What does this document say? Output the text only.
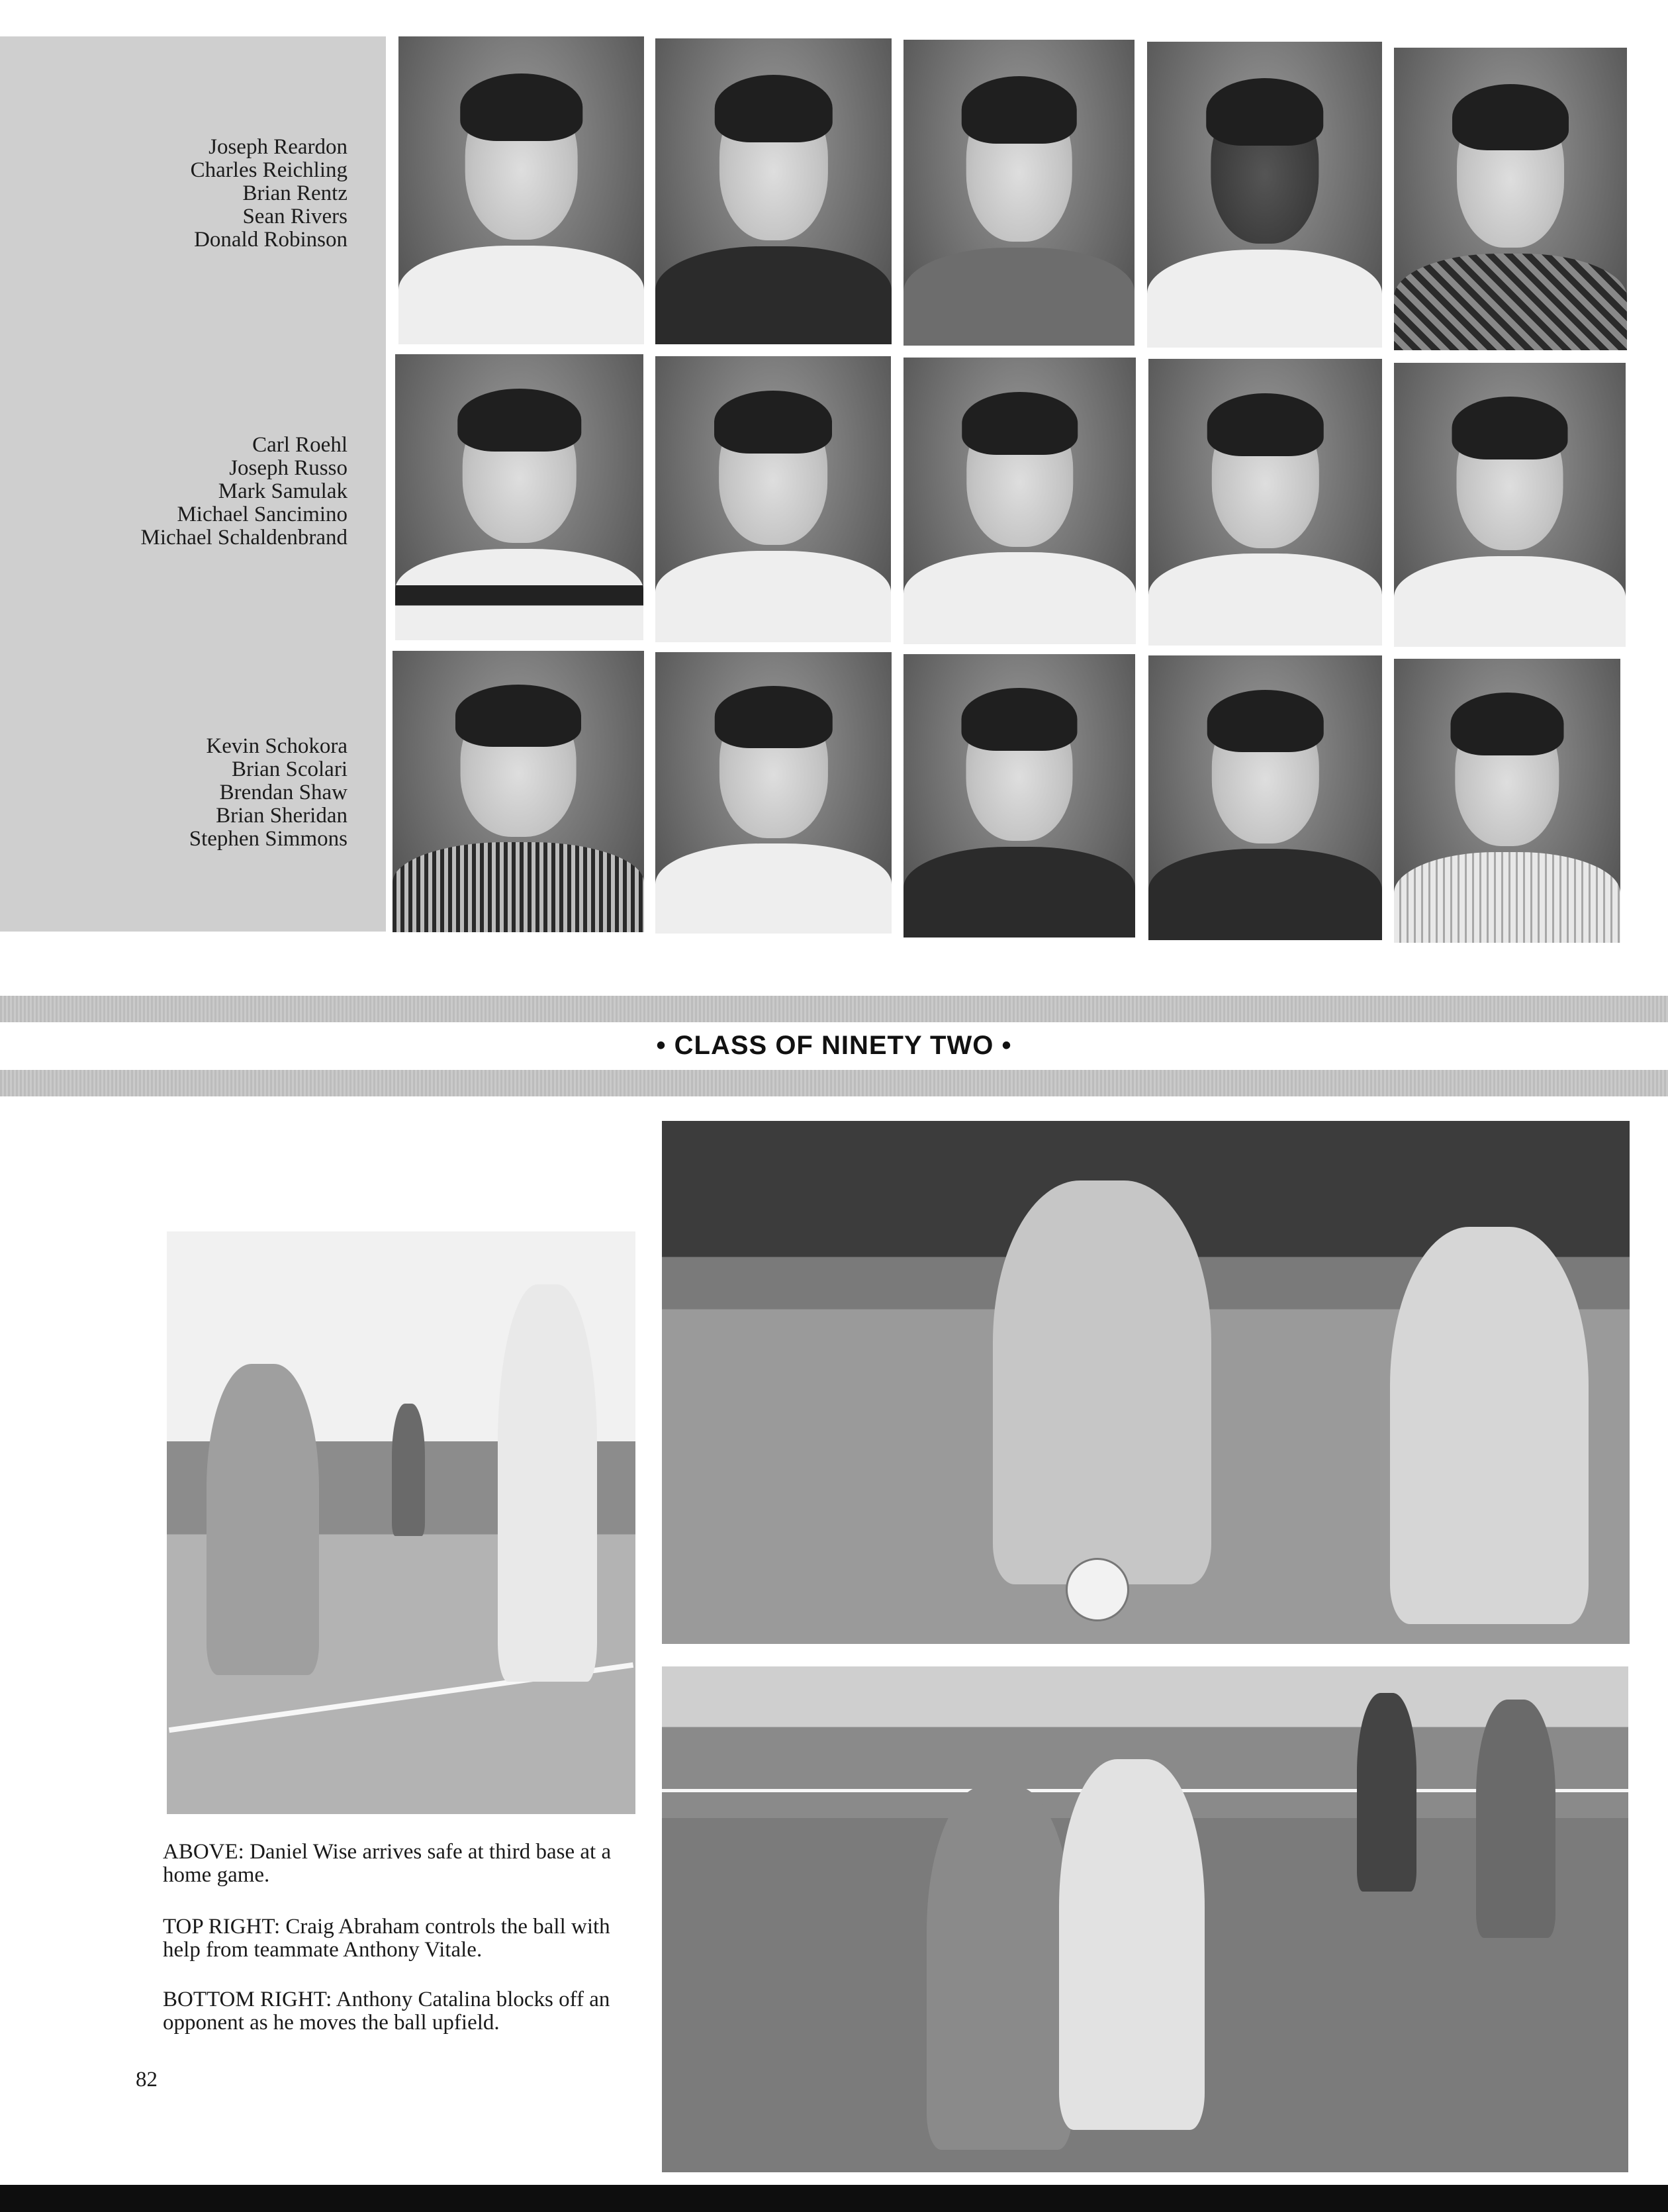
Joseph Reardon
Charles Reichling
Brian Rentz
Sean Rivers
Donald Robinson
Carl Roehl
Joseph Russo
Mark Samulak
Michael Sancimino
Michael Schaldenbrand
Kevin Schokora
Brian Scolari
Brendan Shaw
Brian Sheridan
Stephen Simmons
• CLASS OF NINETY TWO •
ABOVE: Daniel Wise arrives safe at third base at a home game.
TOP RIGHT: Craig Abraham controls the ball with help from teammate Anthony Vitale.
BOTTOM RIGHT: Anthony Catalina blocks off an opponent as he moves the ball upfield.
82
